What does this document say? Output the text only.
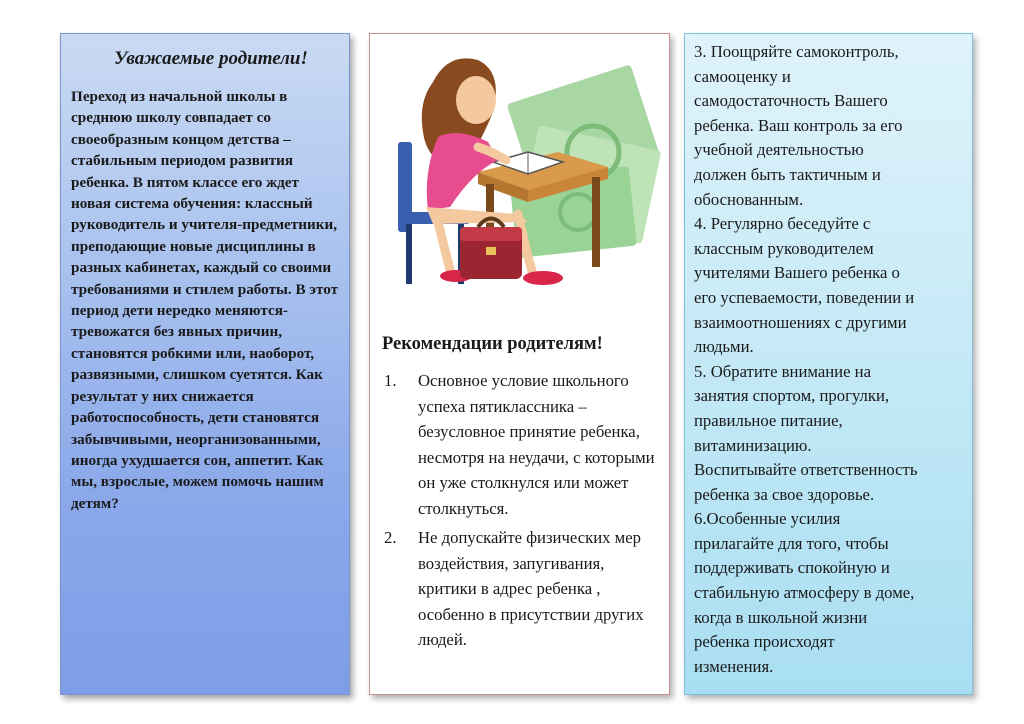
Уважаемые родители!

Переход из начальной школы в среднюю школу совпадает со своеобразным концом детства – стабильным периодом развития ребенка. В пятом классе его ждет новая система обучения: классный руководитель и учителя-предметники, преподающие новые дисциплины в разных кабинетах, каждый со своими требованиями и стилем работы. В этот период дети нередко меняются-тревожатся без явных причин, становятся робкими или, наоборот, развязными, слишком суетятся. Как результат у них снижается работоспособность, дети становятся забывчивыми, неорганизованными, иногда ухудшается сон, аппетит. Как мы, взрослые, можем помочь нашим детям?

Рекомендации родителям!
1. Основное условие школьного успеха пятиклассника – безусловное принятие ребенка, несмотря на неудачи, с которыми он уже столкнулся или может столкнуться.
2. Не допускайте физических мер воздействия, запугивания, критики в адрес ребенка , особенно в присутствии других людей.
3. Поощряйте самоконтроль,
самооценку и
самодостаточность Вашего
ребенка. Ваш контроль за его
учебной деятельностью
должен быть тактичным и
обоснованным.
4. Регулярно беседуйте с
классным руководителем
учителями Вашего ребенка о
его успеваемости, поведении и
взаимоотношениях с другими
людьми.
5. Обратите внимание на
занятия спортом, прогулки,
правильное питание,
витаминизацию.
Воспитывайте ответственность
ребенка за свое здоровье.
6.Особенные усилия
прилагайте для того, чтобы
поддерживать спокойную и
стабильную атмосферу в доме,
когда в школьной жизни
ребенка происходят
изменения.
